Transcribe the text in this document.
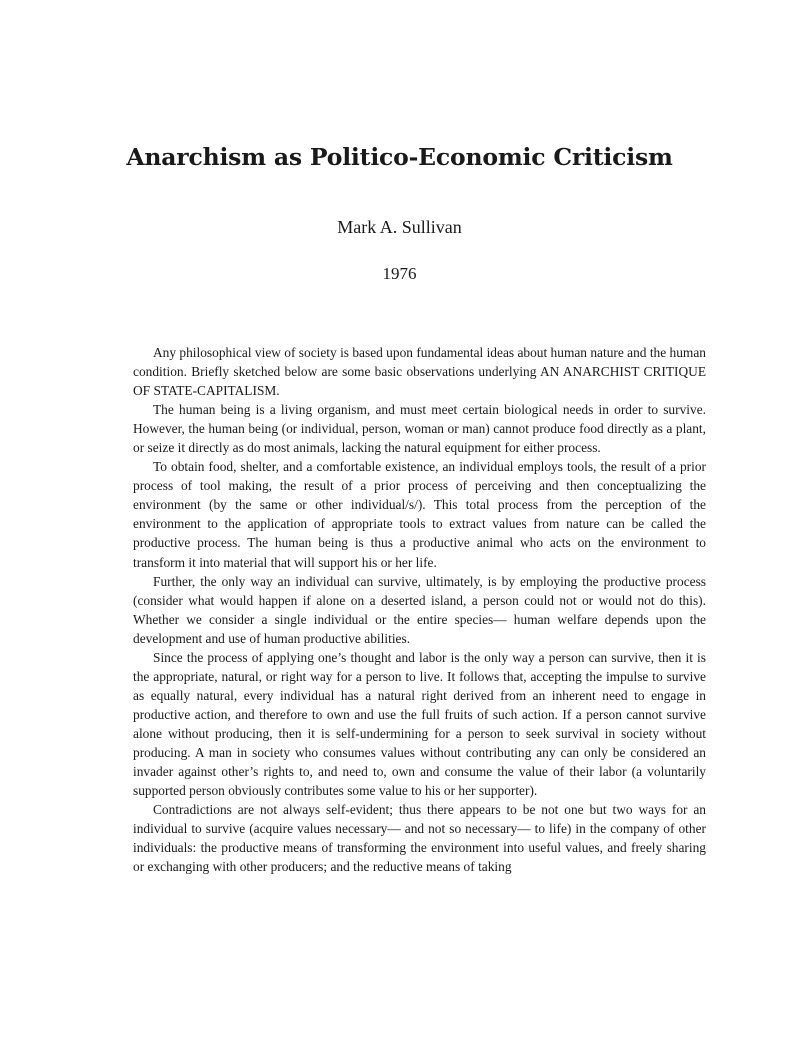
Anarchism as Politico-Economic Criticism
Mark A. Sullivan
1976

Any philosophical view of society is based upon fundamental ideas about human nature and the human condition. Briefly sketched below are some basic observations underlying AN ANARCHIST CRITIQUE OF STATE-CAPITALISM.

The human being is a living organism, and must meet certain biological needs in order to survive. However, the human being (or individual, person, woman or man) cannot produce food directly as a plant, or seize it directly as do most animals, lacking the natural equipment for either process.

To obtain food, shelter, and a comfortable existence, an individual employs tools, the result of a prior process of tool making, the result of a prior process of perceiving and then conceptualizing the environment (by the same or other individual/s/). This total process from the perception of the environment to the application of appropriate tools to extract values from nature can be called the productive process. The human being is thus a productive animal who acts on the environment to transform it into material that will support his or her life.

Further, the only way an individual can survive, ultimately, is by employing the productive process (consider what would happen if alone on a deserted island, a person could not or would not do this). Whether we consider a single individual or the entire species— human welfare depends upon the development and use of human productive abilities.

Since the process of applying one’s thought and labor is the only way a person can survive, then it is the appropriate, natural, or right way for a person to live. It follows that, accepting the impulse to survive as equally natural, every individual has a natural right derived from an inherent need to engage in productive action, and therefore to own and use the full fruits of such action. If a person cannot survive alone without producing, then it is self-undermining for a person to seek survival in society without producing. A man in society who consumes values without contributing any can only be considered an invader against other’s rights to, and need to, own and consume the value of their labor (a voluntarily supported person obviously contributes some value to his or her supporter).

Contradictions are not always self-evident; thus there appears to be not one but two ways for an individual to survive (acquire values necessary— and not so necessary— to life) in the company of other individuals: the productive means of transforming the environment into useful values, and freely sharing or exchanging with other producers; and the reductive means of taking
